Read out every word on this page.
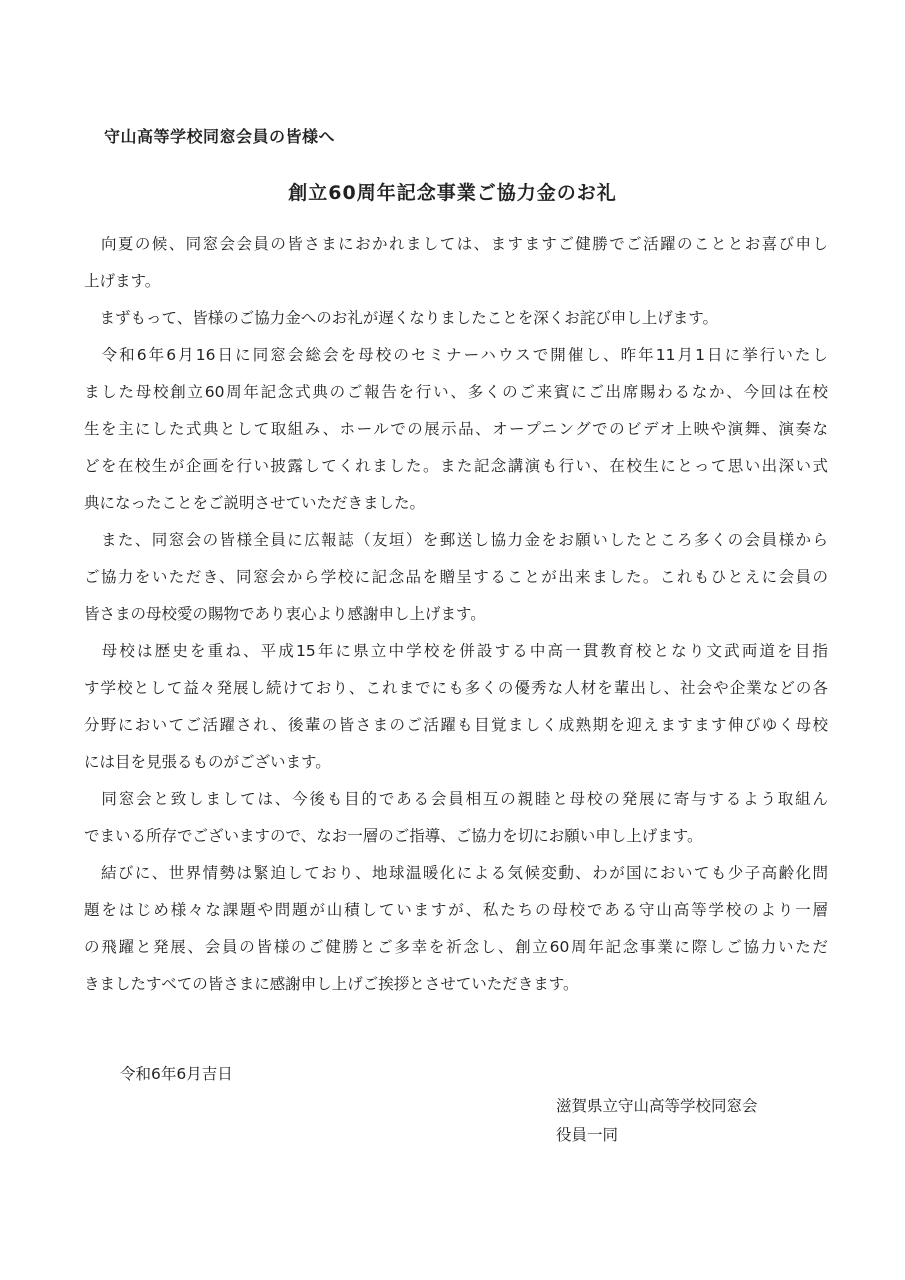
守山高等学校同窓会員の皆様へ
創立60周年記念事業ご協力金のお礼
　向夏の候、同窓会会員の皆さまにおかれましては、ますますご健勝でご活躍のこととお喜び申し
上げます。
　まずもって、皆様のご協力金へのお礼が遅くなりましたことを深くお詫び申し上げます。
　令和6年6月16日に同窓会総会を母校のセミナーハウスで開催し、昨年11月1日に挙行いたし
ました母校創立60周年記念式典のご報告を行い、多くのご来賓にご出席賜わるなか、今回は在校
生を主にした式典として取組み、ホールでの展示品、オープニングでのビデオ上映や演舞、演奏な
どを在校生が企画を行い披露してくれました。また記念講演も行い、在校生にとって思い出深い式
典になったことをご説明させていただきました。
　また、同窓会の皆様全員に広報誌（友垣）を郵送し協力金をお願いしたところ多くの会員様から
ご協力をいただき、同窓会から学校に記念品を贈呈することが出来ました。これもひとえに会員の
皆さまの母校愛の賜物であり衷心より感謝申し上げます。
　母校は歴史を重ね、平成15年に県立中学校を併設する中高一貫教育校となり文武両道を目指
す学校として益々発展し続けており、これまでにも多くの優秀な人材を輩出し、社会や企業などの各
分野においてご活躍され、後輩の皆さまのご活躍も目覚ましく成熟期を迎えますます伸びゆく母校
には目を見張るものがございます。
　同窓会と致しましては、今後も目的である会員相互の親睦と母校の発展に寄与するよう取組ん
でまいる所存でございますので、なお一層のご指導、ご協力を切にお願い申し上げます。
　結びに、世界情勢は緊迫しており、地球温暖化による気候変動、わが国においても少子高齢化問
題をはじめ様々な課題や問題が山積していますが、私たちの母校である守山高等学校のより一層
の飛躍と発展、会員の皆様のご健勝とご多幸を祈念し、創立60周年記念事業に際しご協力いただ
きましたすべての皆さまに感謝申し上げご挨拶とさせていただきます。
令和6年6月吉日
滋賀県立守山高等学校同窓会
役員一同
